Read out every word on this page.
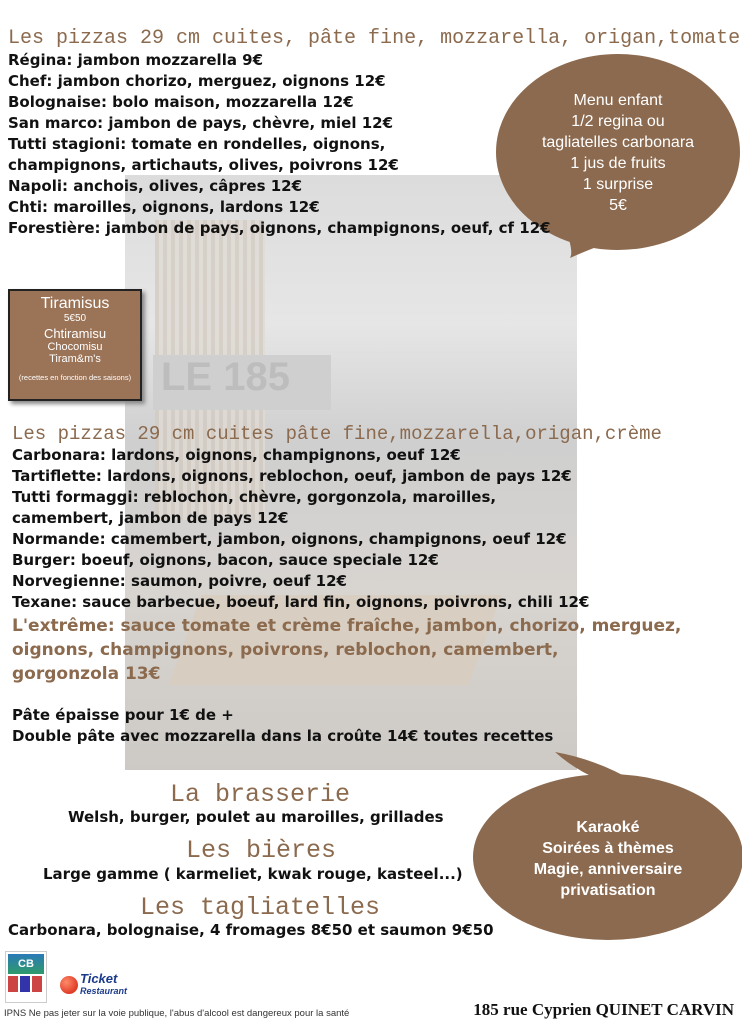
LE 185
Les pizzas 29 cm cuites, pâte fine, mozzarella, origan,tomate
Régina: jambon mozzarella 9€
Chef: jambon chorizo, merguez, oignons 12€
Bolognaise: bolo maison, mozzarella 12€
San marco: jambon de pays, chèvre, miel 12€
Tutti stagioni: tomate en rondelles, oignons,
champignons, artichauts, olives, poivrons 12€
Napoli: anchois, olives, câpres 12€
Chti: maroilles, oignons, lardons 12€
Forestière: jambon de pays, oignons, champignons, oeuf, cf 12€
Menu enfant
1/2 regina ou
tagliatelles carbonara
1 jus de fruits
1 surprise
5€
Tiramisus
5€50
Chtiramisu
Chocomisu
Tiram&m's
(recettes en fonction des saisons)
Les pizzas 29 cm cuites pâte fine,mozzarella,origan,crème
Carbonara: lardons, oignons, champignons, oeuf 12€
Tartiflette: lardons, oignons, reblochon, oeuf, jambon de pays 12€
Tutti formaggi: reblochon, chèvre, gorgonzola, maroilles,
camembert, jambon de pays 12€
Normande: camembert, jambon, oignons, champignons, oeuf 12€
Burger: boeuf, oignons, bacon, sauce speciale 12€
Norvegienne: saumon, poivre, oeuf 12€
Texane: sauce barbecue, boeuf, lard fin, oignons, poivrons, chili 12€
L'extrême: sauce tomate et crème fraîche, jambon, chorizo, merguez,
oignons, champignons, poivrons, reblochon, camembert,
gorgonzola 13€
Pâte épaisse pour 1€ de +
Double pâte avec mozzarella dans la croûte 14€ toutes recettes
La brasserie
Welsh, burger, poulet au maroilles, grillades
Les bières
Large gamme ( karmeliet, kwak rouge, kasteel...)
Les tagliatelles
Carbonara, bolognaise, 4 fromages 8€50 et saumon 9€50
Karaoké
Soirées à thèmes
Magie, anniversaire
privatisation
CB
Ticket
Restaurant
IPNS Ne pas jeter sur la voie publique, l'abus d'alcool est dangereux pour la santé	185 rue Cyprien QUINET CARVIN
